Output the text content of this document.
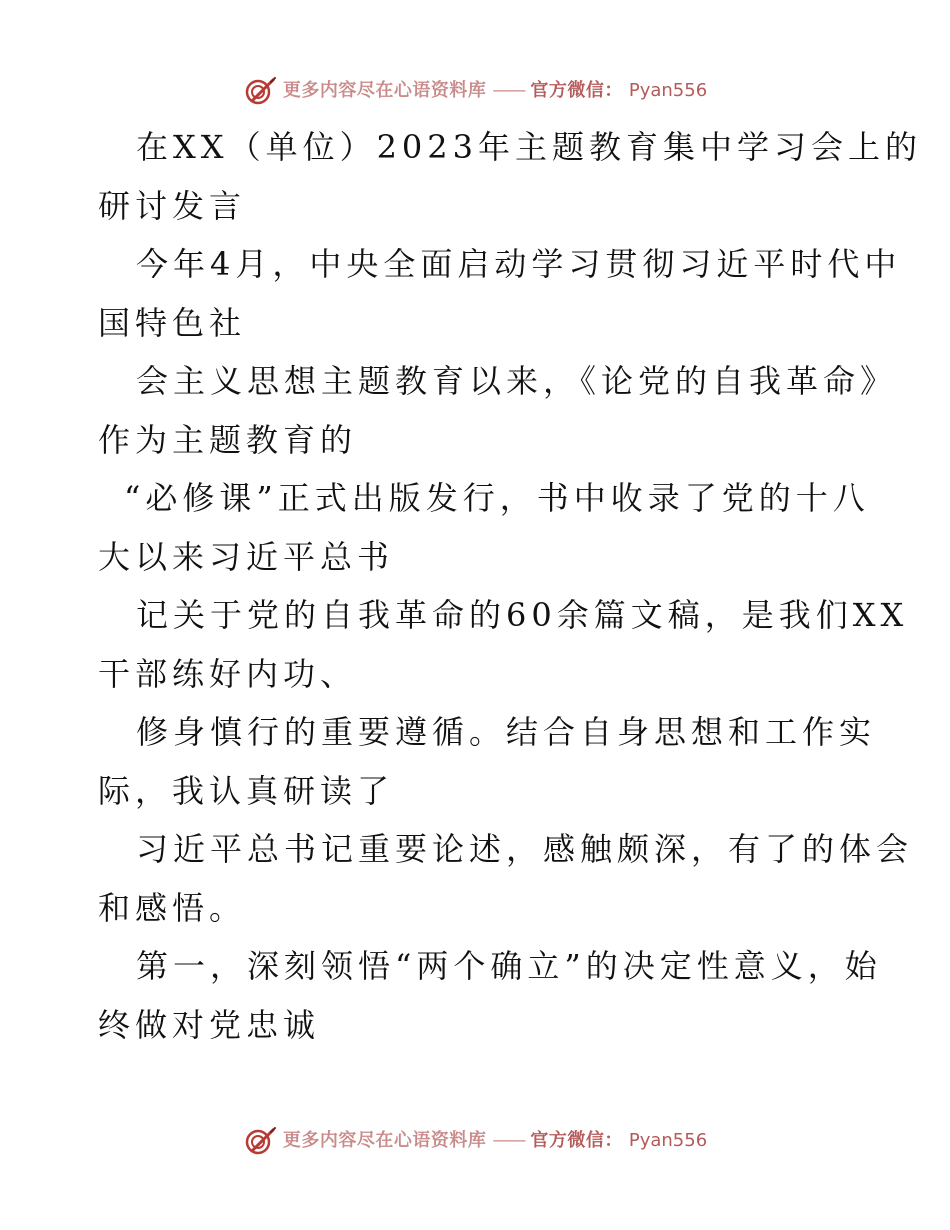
更多内容尽在心语资料库 —— 官方微信： Pyan556
在XX（单位）2023年主题教育集中学习会上的
研讨发言
今年4月，中央全面启动学习贯彻习近平时代中
国特色社
会主义思想主题教育以来，《论党的自我革命》
作为主题教育的
“必修课”正式出版发行，书中收录了党的十八
大以来习近平总书
记关于党的自我革命的60余篇文稿，是我们XX
干部练好内功、
修身慎行的重要遵循。结合自身思想和工作实
际，我认真研读了
习近平总书记重要论述，感触颇深，有了的体会
和感悟。
第一，深刻领悟“两个确立”的决定性意义，始
终做对党忠诚
更多内容尽在心语资料库 —— 官方微信： Pyan556
